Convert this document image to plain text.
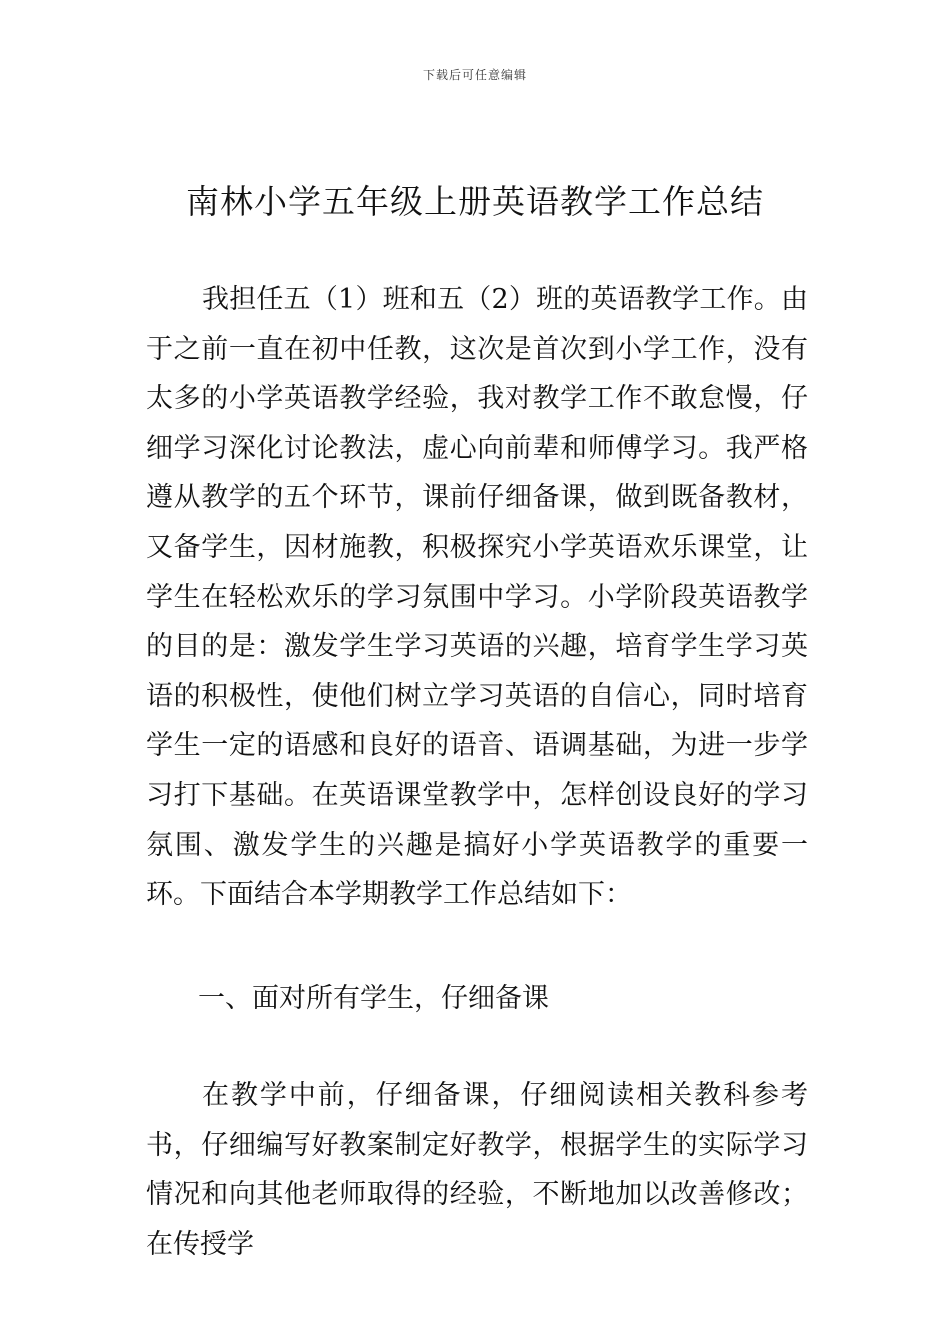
下载后可任意编辑
南林小学五年级上册英语教学工作总结

我担任五（1）班和五（2）班的英语教学工作。由于之前一直在初中任教，这次是首次到小学工作，没有太多的小学英语教学经验，我对教学工作不敢怠慢，仔细学习深化讨论教法，虚心向前辈和师傅学习。我严格遵从教学的五个环节，课前仔细备课，做到既备教材，又备学生，因材施教，积极探究小学英语欢乐课堂，让学生在轻松欢乐的学习氛围中学习。小学阶段英语教学的目的是：激发学生学习英语的兴趣，培育学生学习英语的积极性，使他们树立学习英语的自信心，同时培育学生一定的语感和良好的语音、语调基础，为进一步学习打下基础。在英语课堂教学中，怎样创设良好的学习氛围、激发学生的兴趣是搞好小学英语教学的重要一环。下面结合本学期教学工作总结如下：

一、面对所有学生，仔细备课

在教学中前，仔细备课，仔细阅读相关教科参考书，仔细编写好教案制定好教学，根据学生的实际学习情况和向其他老师取得的经验，不断地加以改善修改；在传授学
